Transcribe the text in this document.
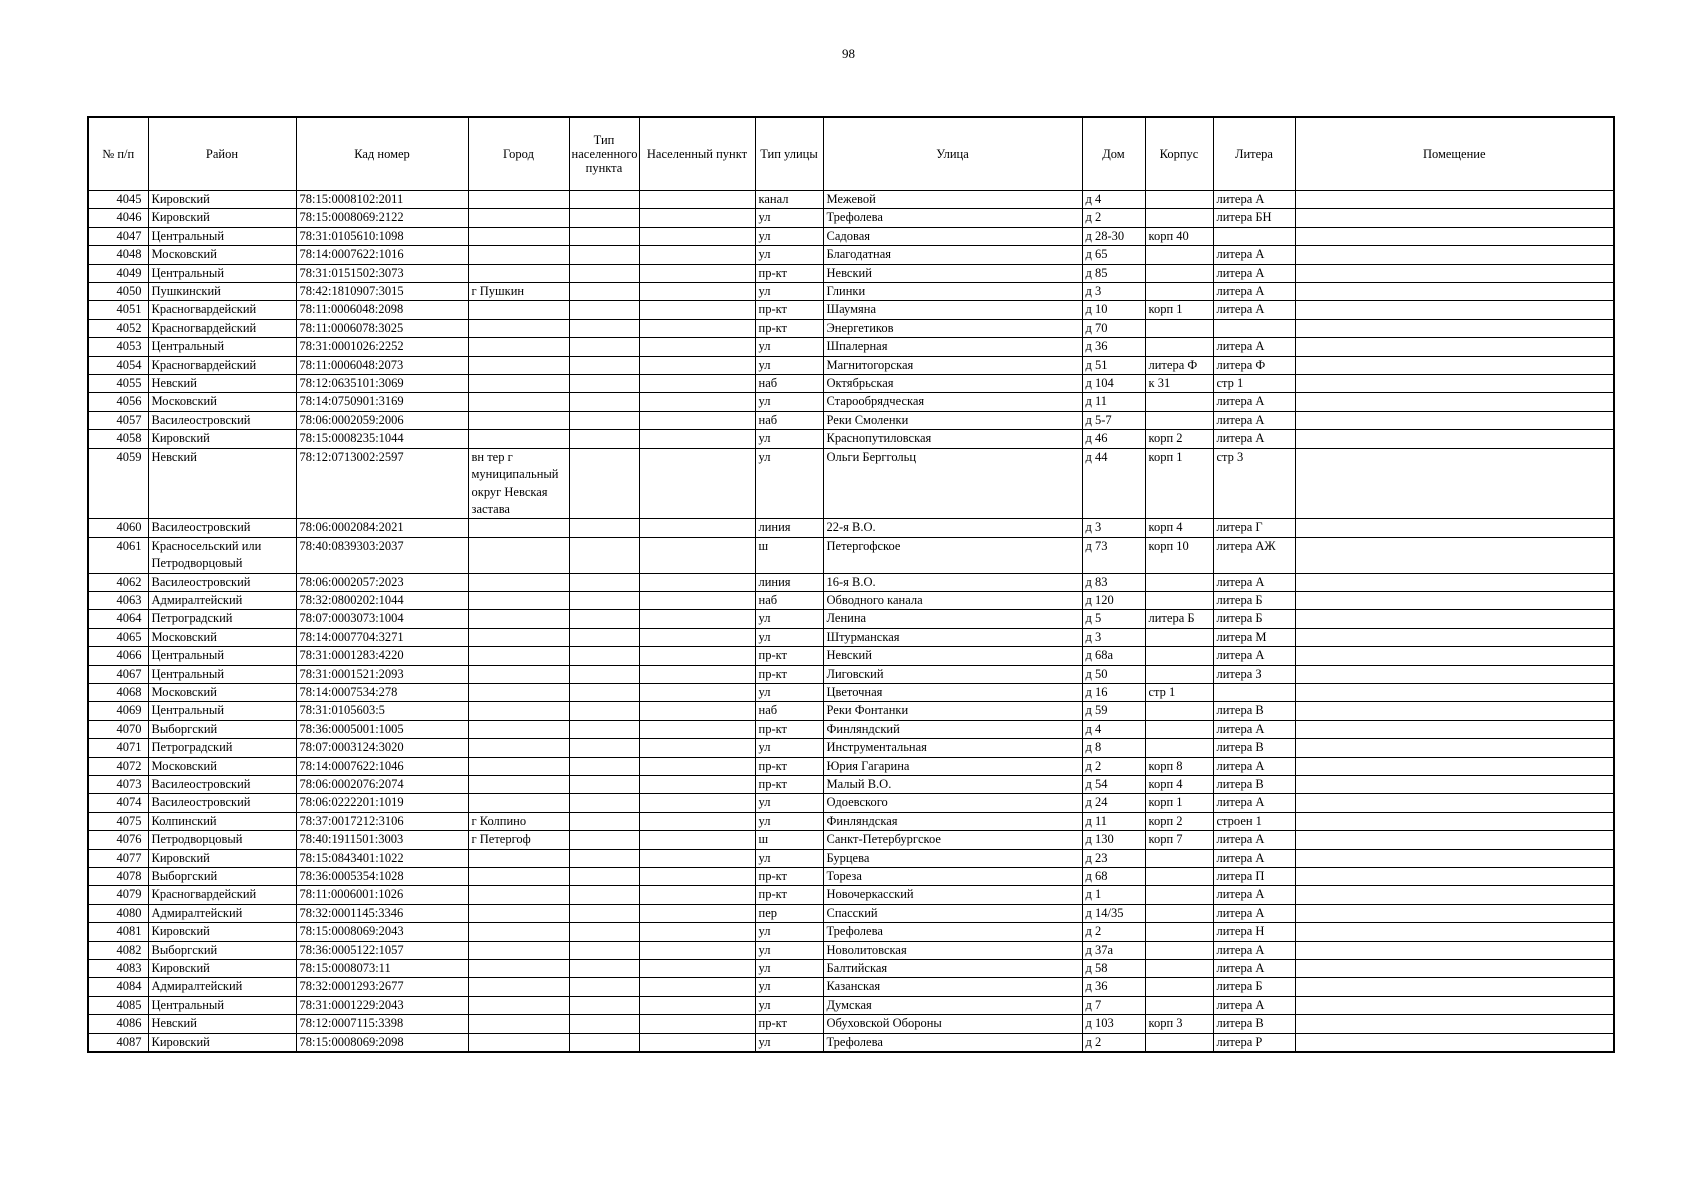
98
№ п/п	Район	Кад номер	Город	Тип населенного пункта	Населенный пункт	Тип улицы	Улица	Дом	Корпус	Литера	Помещение
4045	Кировский	78:15:0008102:2011				канал	Межевой	д 4		литера А	
4046	Кировский	78:15:0008069:2122				ул	Трефолева	д 2		литера БН	
4047	Центральный	78:31:0105610:1098				ул	Садовая	д 28-30	корп 40		
4048	Московский	78:14:0007622:1016				ул	Благодатная	д 65		литера А	
4049	Центральный	78:31:0151502:3073				пр-кт	Невский	д 85		литера А	
4050	Пушкинский	78:42:1810907:3015	г Пушкин			ул	Глинки	д 3		литера А	
4051	Красногвардейский	78:11:0006048:2098				пр-кт	Шаумяна	д 10	корп 1	литера А	
4052	Красногвардейский	78:11:0006078:3025				пр-кт	Энергетиков	д 70			
4053	Центральный	78:31:0001026:2252				ул	Шпалерная	д 36		литера А	
4054	Красногвардейский	78:11:0006048:2073				ул	Магнитогорская	д 51	литера Ф	литера Ф	
4055	Невский	78:12:0635101:3069				наб	Октябрьская	д 104	к 31	стр 1	
4056	Московский	78:14:0750901:3169				ул	Старообрядческая	д 11		литера А	
4057	Василеостровский	78:06:0002059:2006				наб	Реки Смоленки	д 5-7		литера А	
4058	Кировский	78:15:0008235:1044				ул	Краснопутиловская	д 46	корп 2	литера А	
4059	Невский	78:12:0713002:2597	вн тер г муниципальный округ Невская застава			ул	Ольги Берггольц	д 44	корп 1	стр 3	
4060	Василеостровский	78:06:0002084:2021				линия	22-я В.О.	д 3	корп 4	литера Г	
4061	Красносельский или Петродворцовый	78:40:0839303:2037				ш	Петергофское	д 73	корп 10	литера АЖ	
4062	Василеостровский	78:06:0002057:2023				линия	16-я В.О.	д 83		литера А	
4063	Адмиралтейский	78:32:0800202:1044				наб	Обводного канала	д 120		литера Б	
4064	Петроградский	78:07:0003073:1004				ул	Ленина	д 5	литера Б	литера Б	
4065	Московский	78:14:0007704:3271				ул	Штурманская	д 3		литера М	
4066	Центральный	78:31:0001283:4220				пр-кт	Невский	д 68а		литера А	
4067	Центральный	78:31:0001521:2093				пр-кт	Лиговский	д 50		литера З	
4068	Московский	78:14:0007534:278				ул	Цветочная	д 16	стр 1		
4069	Центральный	78:31:0105603:5				наб	Реки Фонтанки	д 59		литера В	
4070	Выборгский	78:36:0005001:1005				пр-кт	Финляндский	д 4		литера А	
4071	Петроградский	78:07:0003124:3020				ул	Инструментальная	д 8		литера В	
4072	Московский	78:14:0007622:1046				пр-кт	Юрия Гагарина	д 2	корп 8	литера А	
4073	Василеостровский	78:06:0002076:2074				пр-кт	Малый В.О.	д 54	корп 4	литера В	
4074	Василеостровский	78:06:0222201:1019				ул	Одоевского	д 24	корп 1	литера А	
4075	Колпинский	78:37:0017212:3106	г Колпино			ул	Финляндская	д 11	корп 2	строен 1	
4076	Петродворцовый	78:40:1911501:3003	г Петергоф			ш	Санкт-Петербургское	д 130	корп 7	литера А	
4077	Кировский	78:15:0843401:1022				ул	Бурцева	д 23		литера А	
4078	Выборгский	78:36:0005354:1028				пр-кт	Тореза	д 68		литера П	
4079	Красногвардейский	78:11:0006001:1026				пр-кт	Новочеркасский	д 1		литера А	
4080	Адмиралтейский	78:32:0001145:3346				пер	Спасский	д 14/35		литера А	
4081	Кировский	78:15:0008069:2043				ул	Трефолева	д 2		литера Н	
4082	Выборгский	78:36:0005122:1057				ул	Новолитовская	д 37а		литера А	
4083	Кировский	78:15:0008073:11				ул	Балтийская	д 58		литера А	
4084	Адмиралтейский	78:32:0001293:2677				ул	Казанская	д 36		литера Б	
4085	Центральный	78:31:0001229:2043				ул	Думская	д 7		литера А	
4086	Невский	78:12:0007115:3398				пр-кт	Обуховской Обороны	д 103	корп 3	литера В	
4087	Кировский	78:15:0008069:2098				ул	Трефолева	д 2		литера Р	
